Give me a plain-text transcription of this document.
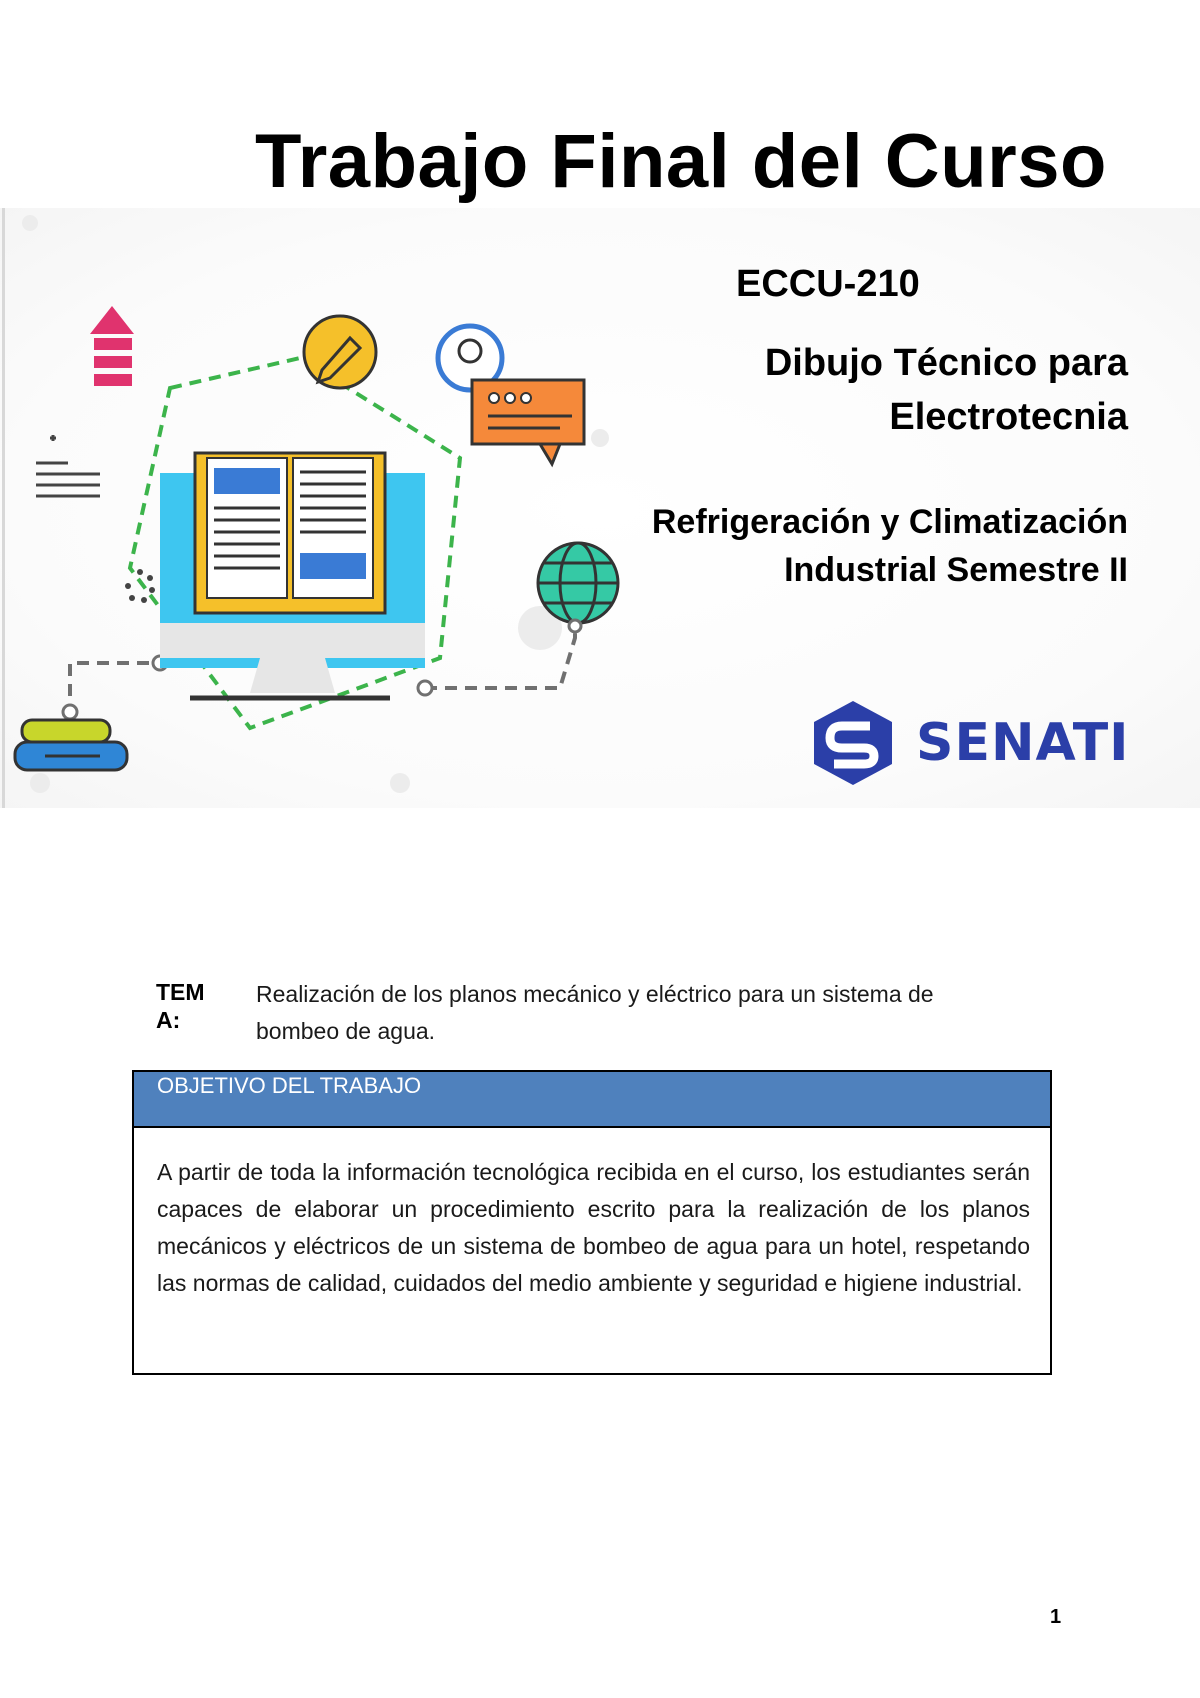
Trabajo Final del Curso
ECCU-210
Dibujo Técnico para
Electrotecnia
Refrigeración y Climatización
Industrial Semestre II
SENATI
TEM
A:
Realización de los planos mecánico y eléctrico para un sistema de bombeo de agua.
OBJETIVO DEL TRABAJO
A partir de toda la información tecnológica recibida en el curso, los estudiantes serán capaces de elaborar un procedimiento escrito para la realización de los planos mecánicos y eléctricos de un sistema de bombeo de agua para un hotel, respetando las normas de calidad, cuidados del medio ambiente y seguridad e higiene industrial.
1
